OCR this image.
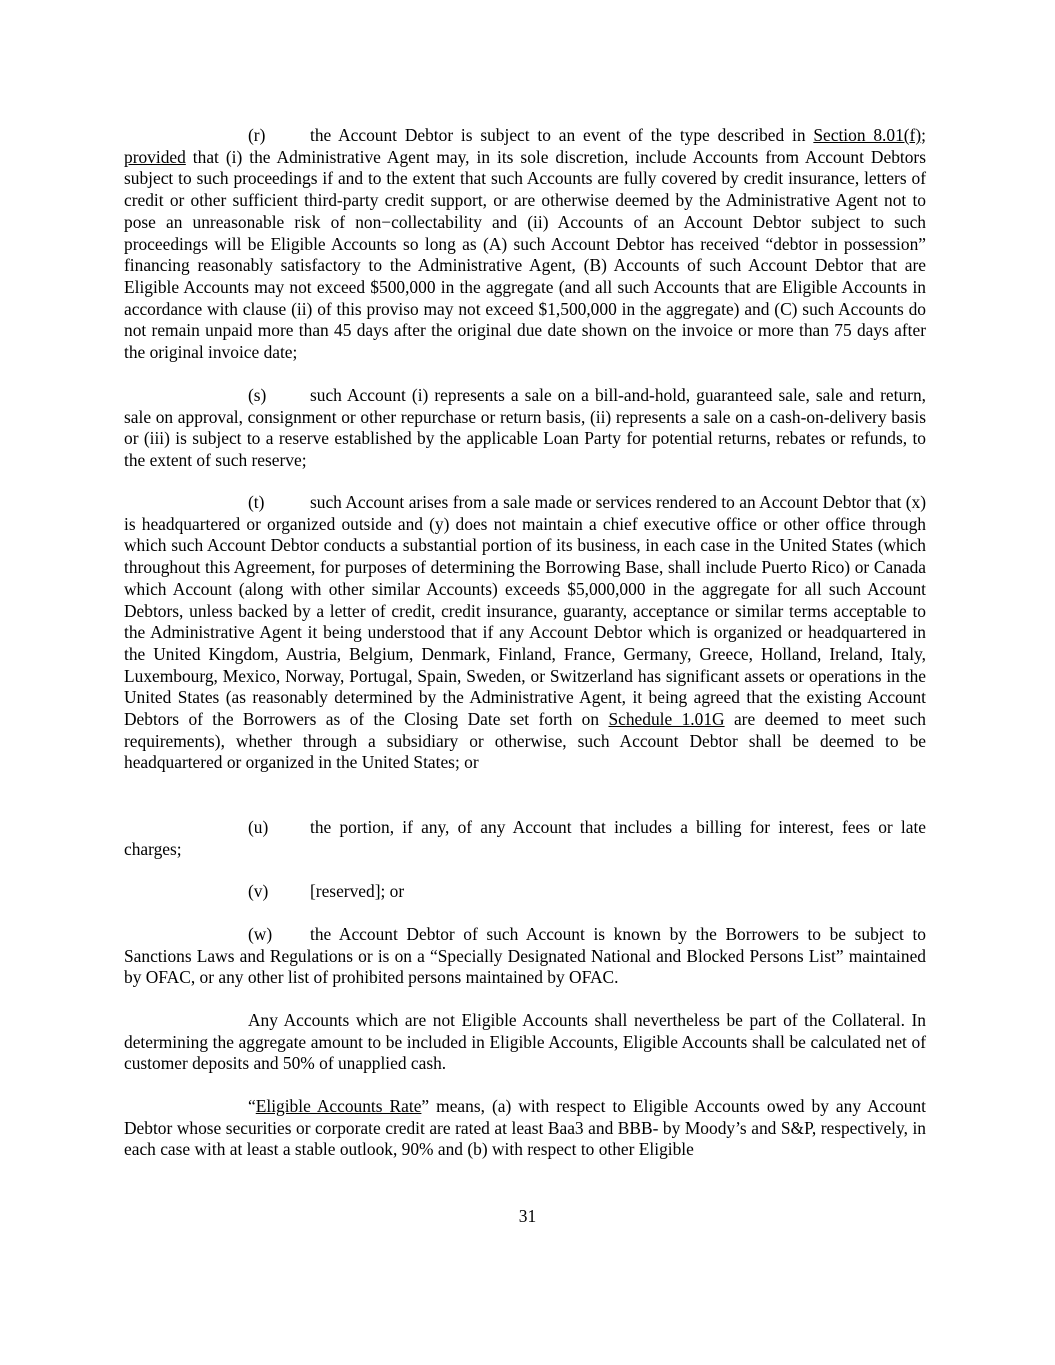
(r)	the Account Debtor is subject to an event of the type described in Section 8.01(f); provided that (i) the Administrative Agent may, in its sole discretion, include Accounts from Account Debtors subject to such proceedings if and to the extent that such Accounts are fully covered by credit insurance, letters of credit or other sufficient third-party credit support, or are otherwise deemed by the Administrative Agent not to pose an unreasonable risk of non−collectability and (ii) Accounts of an Account Debtor subject to such proceedings will be Eligible Accounts so long as (A) such Account Debtor has received “debtor in possession” financing reasonably satisfactory to the Administrative Agent, (B) Accounts of such Account Debtor that are Eligible Accounts may not exceed $500,000 in the aggregate (and all such Accounts that are Eligible Accounts in accordance with clause (ii) of this proviso may not exceed $1,500,000 in the aggregate) and (C) such Accounts do not remain unpaid more than 45 days after the original due date shown on the invoice or more than 75 days after the original invoice date;

(s)	such Account (i) represents a sale on a bill-and-hold, guaranteed sale, sale and return, sale on approval, consignment or other repurchase or return basis, (ii) represents a sale on a cash-on-delivery basis or (iii) is subject to a reserve established by the applicable Loan Party for potential returns, rebates or refunds, to the extent of such reserve;

(t)	such Account arises from a sale made or services rendered to an Account Debtor that (x) is headquartered or organized outside and (y) does not maintain a chief executive office or other office through which such Account Debtor conducts a substantial portion of its business, in each case in the United States (which throughout this Agreement, for purposes of determining the Borrowing Base, shall include Puerto Rico) or Canada which Account (along with other similar Accounts) exceeds $5,000,000 in the aggregate for all such Account Debtors, unless backed by a letter of credit, credit insurance, guaranty, acceptance or similar terms acceptable to the Administrative Agent it being understood that if any Account Debtor which is organized or headquartered in the United Kingdom, Austria, Belgium, Denmark, Finland, France, Germany, Greece, Holland, Ireland, Italy, Luxembourg, Mexico, Norway, Portugal, Spain, Sweden, or Switzerland has significant assets or operations in the United States (as reasonably determined by the Administrative Agent, it being agreed that the existing Account Debtors of the Borrowers as of the Closing Date set forth on Schedule 1.01G are deemed to meet such requirements), whether through a subsidiary or otherwise, such Account Debtor shall be deemed to be headquartered or organized in the United States; or

(u) the portion, if any, of any Account that includes a billing for interest, fees or late charges;

(v) [reserved]; or

(w) the Account Debtor of such Account is known by the Borrowers to be subject to Sanctions Laws and Regulations or is on a “Specially Designated National and Blocked Persons List” maintained by OFAC, or any other list of prohibited persons maintained by OFAC.

Any Accounts which are not Eligible Accounts shall nevertheless be part of the Collateral. In determining the aggregate amount to be included in Eligible Accounts, Eligible Accounts shall be calculated net of customer deposits and 50% of unapplied cash.

“Eligible Accounts Rate” means, (a) with respect to Eligible Accounts owed by any Account Debtor whose securities or corporate credit are rated at least Baa3 and BBB- by Moody’s and S&P, respectively, in each case with at least a stable outlook, 90% and (b) with respect to other Eligible

31
